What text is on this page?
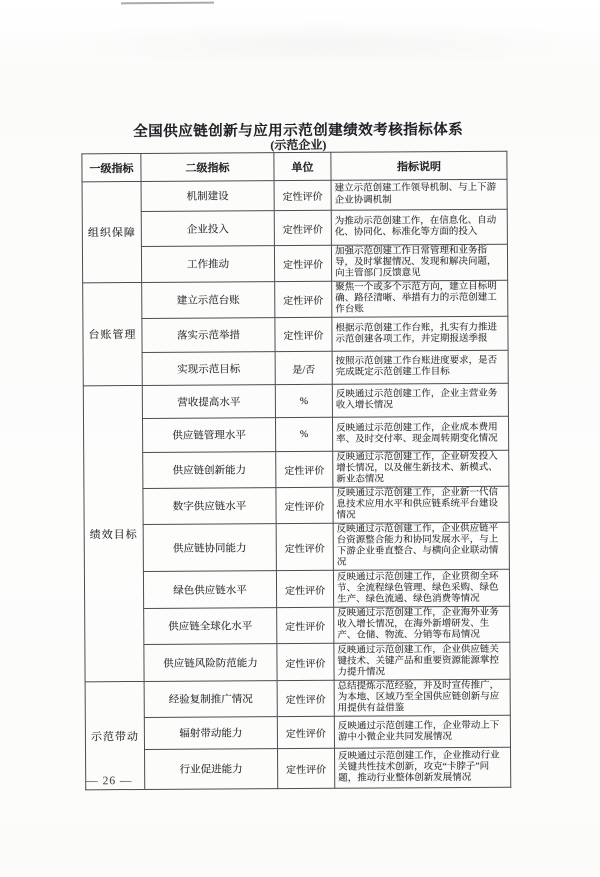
全国供应链创新与应用示范创建绩效考核指标体系
(示范企业)
一级指标	二级指标	单位	指标说明
组织保障	机制建设	定性评价	建立示范创建工作领导机制、与上下游企业协调机制
	企业投入	定性评价	为推动示范创建工作，在信息化、自动化、协同化、标准化等方面的投入
	工作推动	定性评价	加强示范创建工作日常管理和业务指导，及时掌握情况、发现和解决问题，向主管部门反馈意见
台账管理	建立示范台账	定性评价	聚焦一个或多个示范方向，建立目标明确、路径清晰、举措有力的示范创建工作台账
	落实示范举措	定性评价	根据示范创建工作台账，扎实有力推进示范创建各项工作，并定期报送季报
	实现示范目标	是/否	按照示范创建工作台账进度要求，是否完成既定示范创建工作目标
绩效目标	营收提高水平	%	反映通过示范创建工作，企业主营业务收入增长情况
	供应链管理水平	%	反映通过示范创建工作，企业成本费用率、及时交付率、现金周转期变化情况
	供应链创新能力	定性评价	反映通过示范创建工作，企业研发投入增长情况，以及催生新技术、新模式、新业态情况
	数字供应链水平	定性评价	反映通过示范创建工作，企业新一代信息技术应用水平和供应链系统平台建设情况
	供应链协同能力	定性评价	反映通过示范创建工作，企业供应链平台资源整合能力和协同发展水平，与上下游企业垂直整合、与横向企业联动情况
	绿色供应链水平	定性评价	反映通过示范创建工作，企业贯彻全环节、全流程绿色管理、绿色采购、绿色生产、绿色流通、绿色消费等情况
	供应链全球化水平	定性评价	反映通过示范创建工作，企业海外业务收入增长情况，在海外新增研发、生产、仓储、物流、分销等布局情况
	供应链风险防范能力	定性评价	反映通过示范创建工作，企业供应链关键技术、关键产品和重要资源能源掌控力提升情况
示范带动	经验复制推广情况	定性评价	总结提炼示范经验，并及时宣传推广，为本地、区域乃至全国供应链创新与应用提供有益借鉴
	辐射带动能力	定性评价	反映通过示范创建工作，企业带动上下游中小微企业共同发展情况
	行业促进能力	定性评价	反映通过示范创建工作，企业推动行业关键共性技术创新，攻克“卡脖子”问题，推动行业整体创新发展情况
— 26 —
